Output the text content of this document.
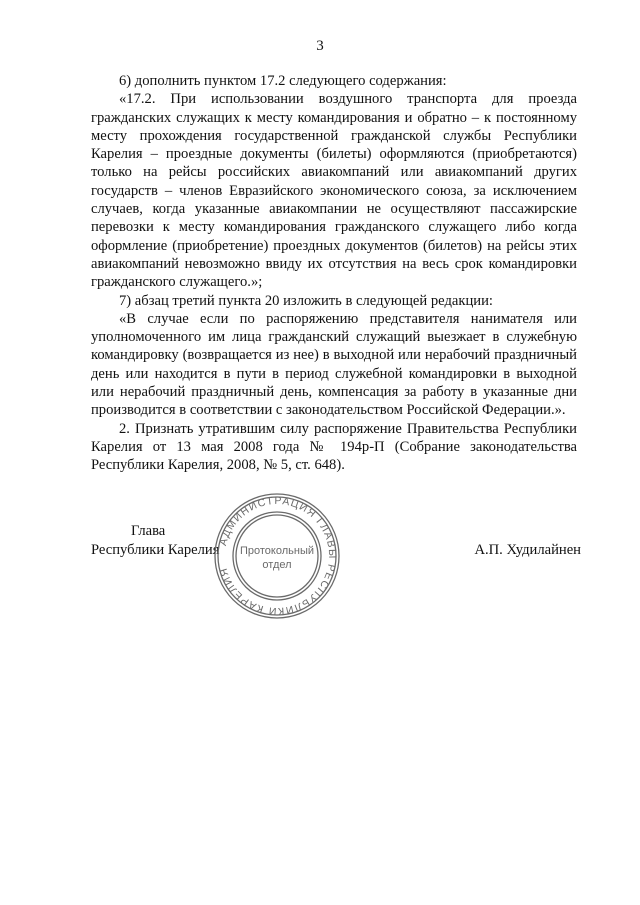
3

6) дополнить пунктом 17.2 следующего содержания:

«17.2. При использовании воздушного транспорта для проезда гражданских служащих к месту командирования и обратно – к постоянному месту прохождения государственной гражданской службы Республики Карелия – проездные документы (билеты) оформляются (приобретаются) только на рейсы российских авиакомпаний или авиакомпаний других государств – членов Евразийского экономического союза, за исключением случаев, когда указанные авиакомпании не осуществляют пассажирские перевозки к месту командирования гражданского служащего либо когда оформление (приобретение) проездных документов (билетов) на рейсы этих авиакомпаний невозможно ввиду их отсутствия на весь срок командировки гражданского служащего.»;

7) абзац третий пункта 20 изложить в следующей редакции:

«В случае если по распоряжению представителя нанимателя или уполномоченного им лица гражданский служащий выезжает в служебную командировку (возвращается из нее) в выходной или нерабочий праздничный день или находится в пути в период служебной командировки в выходной или нерабочий праздничный день, компенсация за работу в указанные дни производится в соответствии с законодательством Российской Федерации.».

2. Признать утратившим силу распоряжение Правительства Республики Карелия от 13 мая 2008 года № 194р-П (Собрание законодательства Республики Карелия, 2008, № 5, ст. 648).

Глава
Республики Карелия	А.П. Худилайнен
АДМИНИСТРАЦИЯ ГЛАВЫ РЕСПУБЛИКИ КАРЕЛИЯ
Протокольный
отдел
